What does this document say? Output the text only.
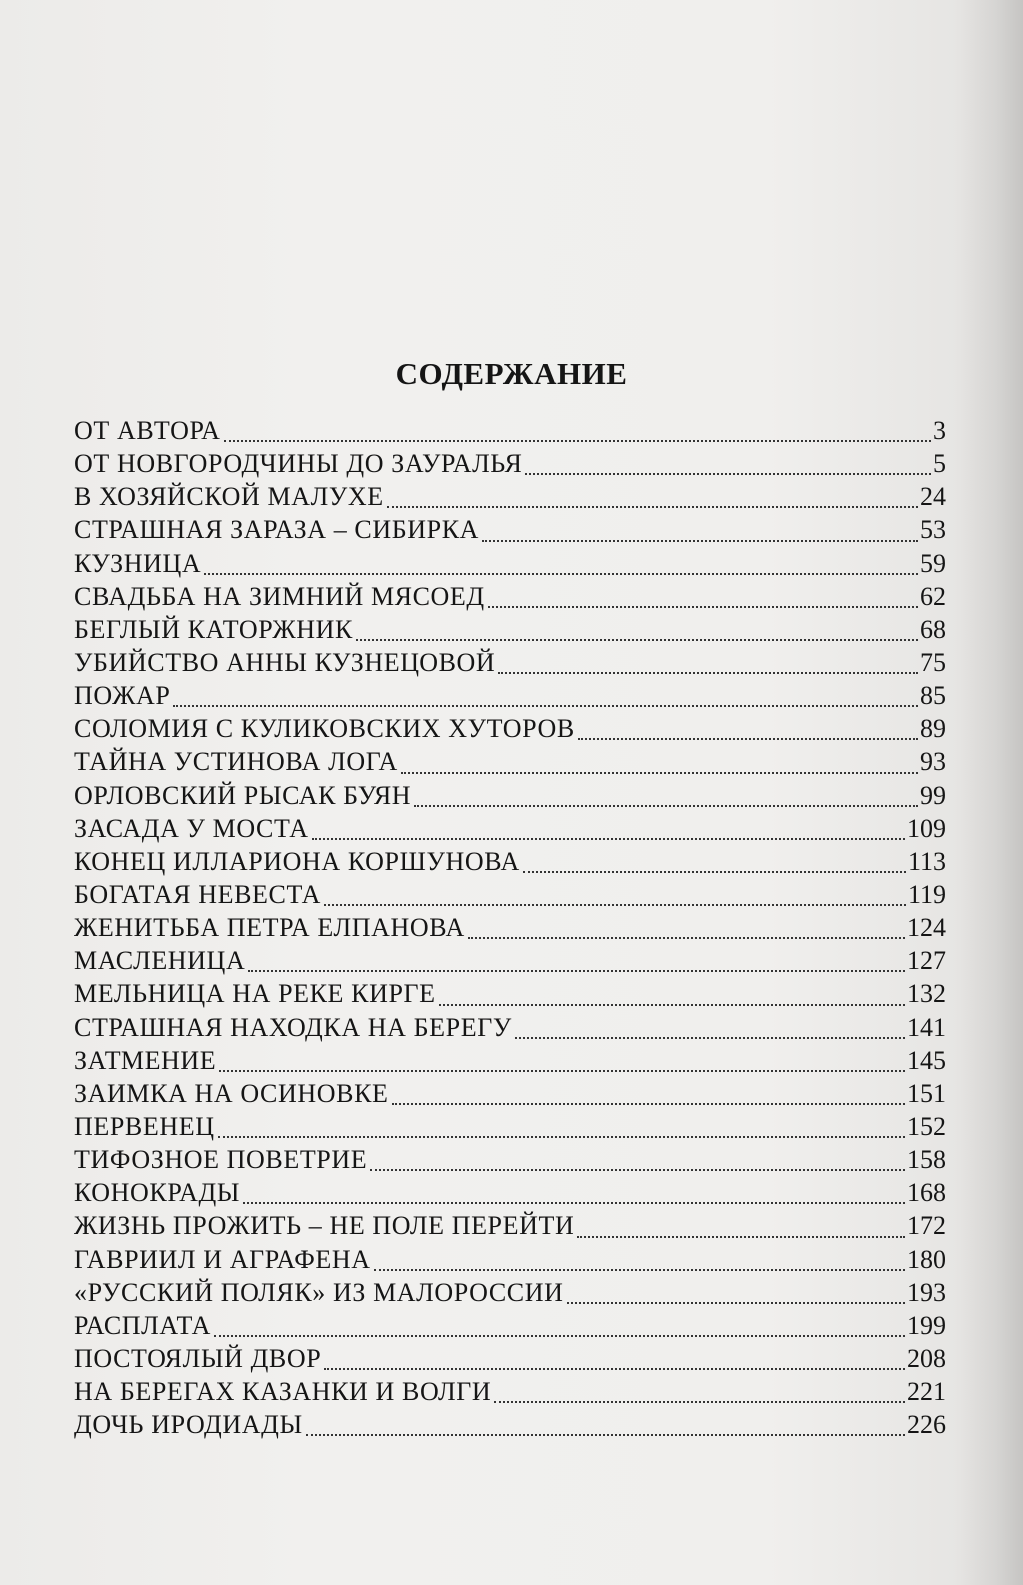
СОДЕРЖАНИЕ
ОТ АВТОРА	3
ОТ НОВГОРОДЧИНЫ ДО ЗАУРАЛЬЯ	5
В ХОЗЯЙСКОЙ МАЛУХЕ	24
СТРАШНАЯ ЗАРАЗА – СИБИРКА	53
КУЗНИЦА	59
СВАДЬБА НА ЗИМНИЙ МЯСОЕД	62
БЕГЛЫЙ КАТОРЖНИК	68
УБИЙСТВО АННЫ КУЗНЕЦОВОЙ	75
ПОЖАР	85
СОЛОМИЯ С КУЛИКОВСКИХ ХУТОРОВ	89
ТАЙНА УСТИНОВА ЛОГА	93
ОРЛОВСКИЙ РЫСАК БУЯН	99
ЗАСАДА У МОСТА	109
КОНЕЦ ИЛЛАРИОНА КОРШУНОВА	113
БОГАТАЯ НЕВЕСТА	119
ЖЕНИТЬБА ПЕТРА ЕЛПАНОВА	124
МАСЛЕНИЦА	127
МЕЛЬНИЦА НА РЕКЕ КИРГЕ	132
СТРАШНАЯ НАХОДКА НА БЕРЕГУ	141
ЗАТМЕНИЕ	145
ЗАИМКА НА ОСИНОВКЕ	151
ПЕРВЕНЕЦ	152
ТИФОЗНОЕ ПОВЕТРИЕ	158
КОНОКРАДЫ	168
ЖИЗНЬ ПРОЖИТЬ – НЕ ПОЛЕ ПЕРЕЙТИ	172
ГАВРИИЛ И АГРАФЕНА	180
«РУССКИЙ ПОЛЯК» ИЗ МАЛОРОССИИ	193
РАСПЛАТА	199
ПОСТОЯЛЫЙ ДВОР	208
НА БЕРЕГАХ КАЗАНКИ И ВОЛГИ	221
ДОЧЬ ИРОДИАДЫ	226
